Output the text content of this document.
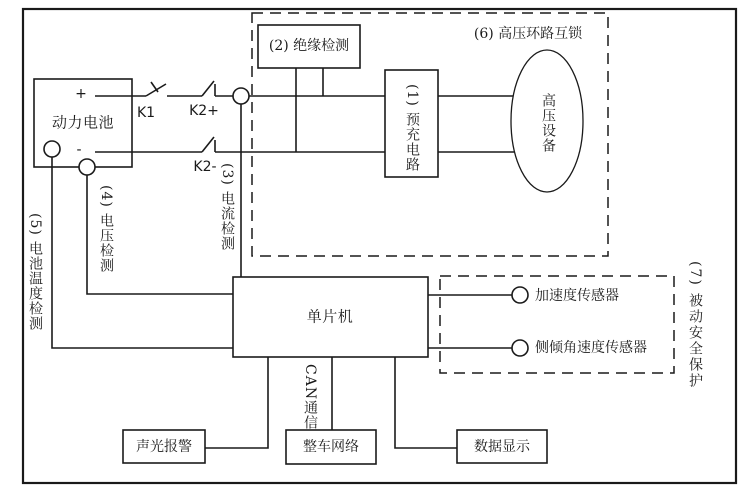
动力电池
+
-
K1 K2+
K2-
(2) 绝缘检测
(6) 高压环路互锁
单片机
声光报警	整车网络	数据显示
加速度传感器
侧倾角速度传感器
(1) 预充电路	高压设备
(3) 电流检测
(4) 电压检测
(5) 电池温度检测	(7) 被动安全保护
CAN通信
